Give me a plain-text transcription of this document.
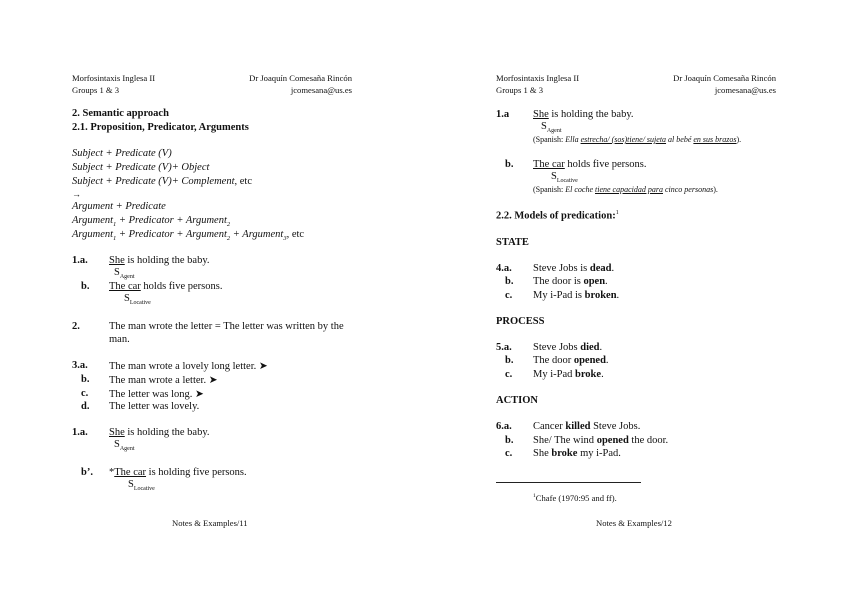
Morfosintaxis Inglesa II
Groups 1 & 3
Dr Joaquín Comesaña Rincón
jcomesana@us.es
2. Semantic approach
2.1. Proposition, Predicator, Arguments
Subject + Predicate (V)
Subject + Predicate (V)+ Object
Subject + Predicate (V)+ Complement, etc
→
Argument + Predicate
Argument$_1$ + Predicator + Argument$_2$
Argument$_1$ + Predicator + Argument$_2$ + Argument$_3$, etc
1.a. She is holding the baby.
$S_{Agent}$
b. The car holds five persons.
$S_{Locative}$
2.	The man wrote the letter = The letter was written by the
man.
3.a. The man wrote a lovely long letter. ➤
b. The man wrote a letter. ➤
c. The letter was long. ➤
d. The letter was lovely.
1.a. She is holding the baby.
$S_{Agent}$
b’. *The car is holding five persons.
$S_{Locative}$
Notes & Examples/11
Morfosintaxis Inglesa II
Groups 1 & 3
Dr Joaquín Comesaña Rincón
jcomesana@us.es
1.a She is holding the baby.
$S_{Agent}$
(Spanish: Ella estrecha/ (sos)tiene/ sujeta al bebé en sus brazos).
b. The car holds five persons.
$S_{Locative}$
(Spanish: El coche tiene capacidad para cinco personas).
2.2. Models of predication:$^1$
STATE
4.a. Steve Jobs is dead.
b. The door is open.
c. My i-Pad is broken.
PROCESS
5.a. Steve Jobs died.
b. The door opened.
c. My i-Pad broke.
ACTION
6.a. Cancer killed Steve Jobs.
b. She/ The wind opened the door.
c. She broke my i-Pad.
$^1$Chafe (1970:95 and ff).
Notes & Examples/12
